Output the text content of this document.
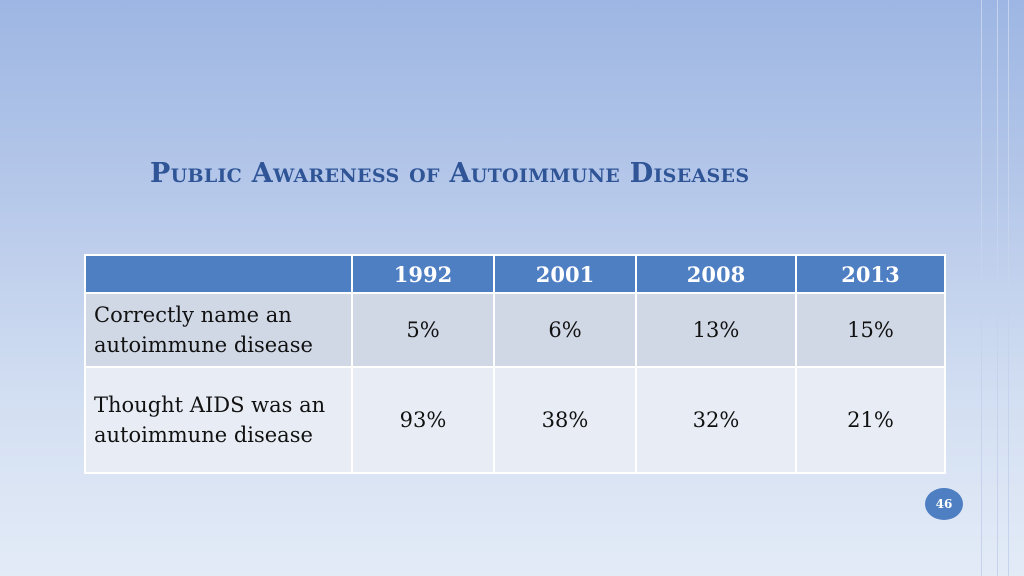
Public Awareness of Autoimmune Diseases
	1992	2001	2008	2013
Correctly name an autoimmune disease	5%	6%	13%	15%
Thought AIDS was an autoimmune disease	93%	38%	32%	21%
46
